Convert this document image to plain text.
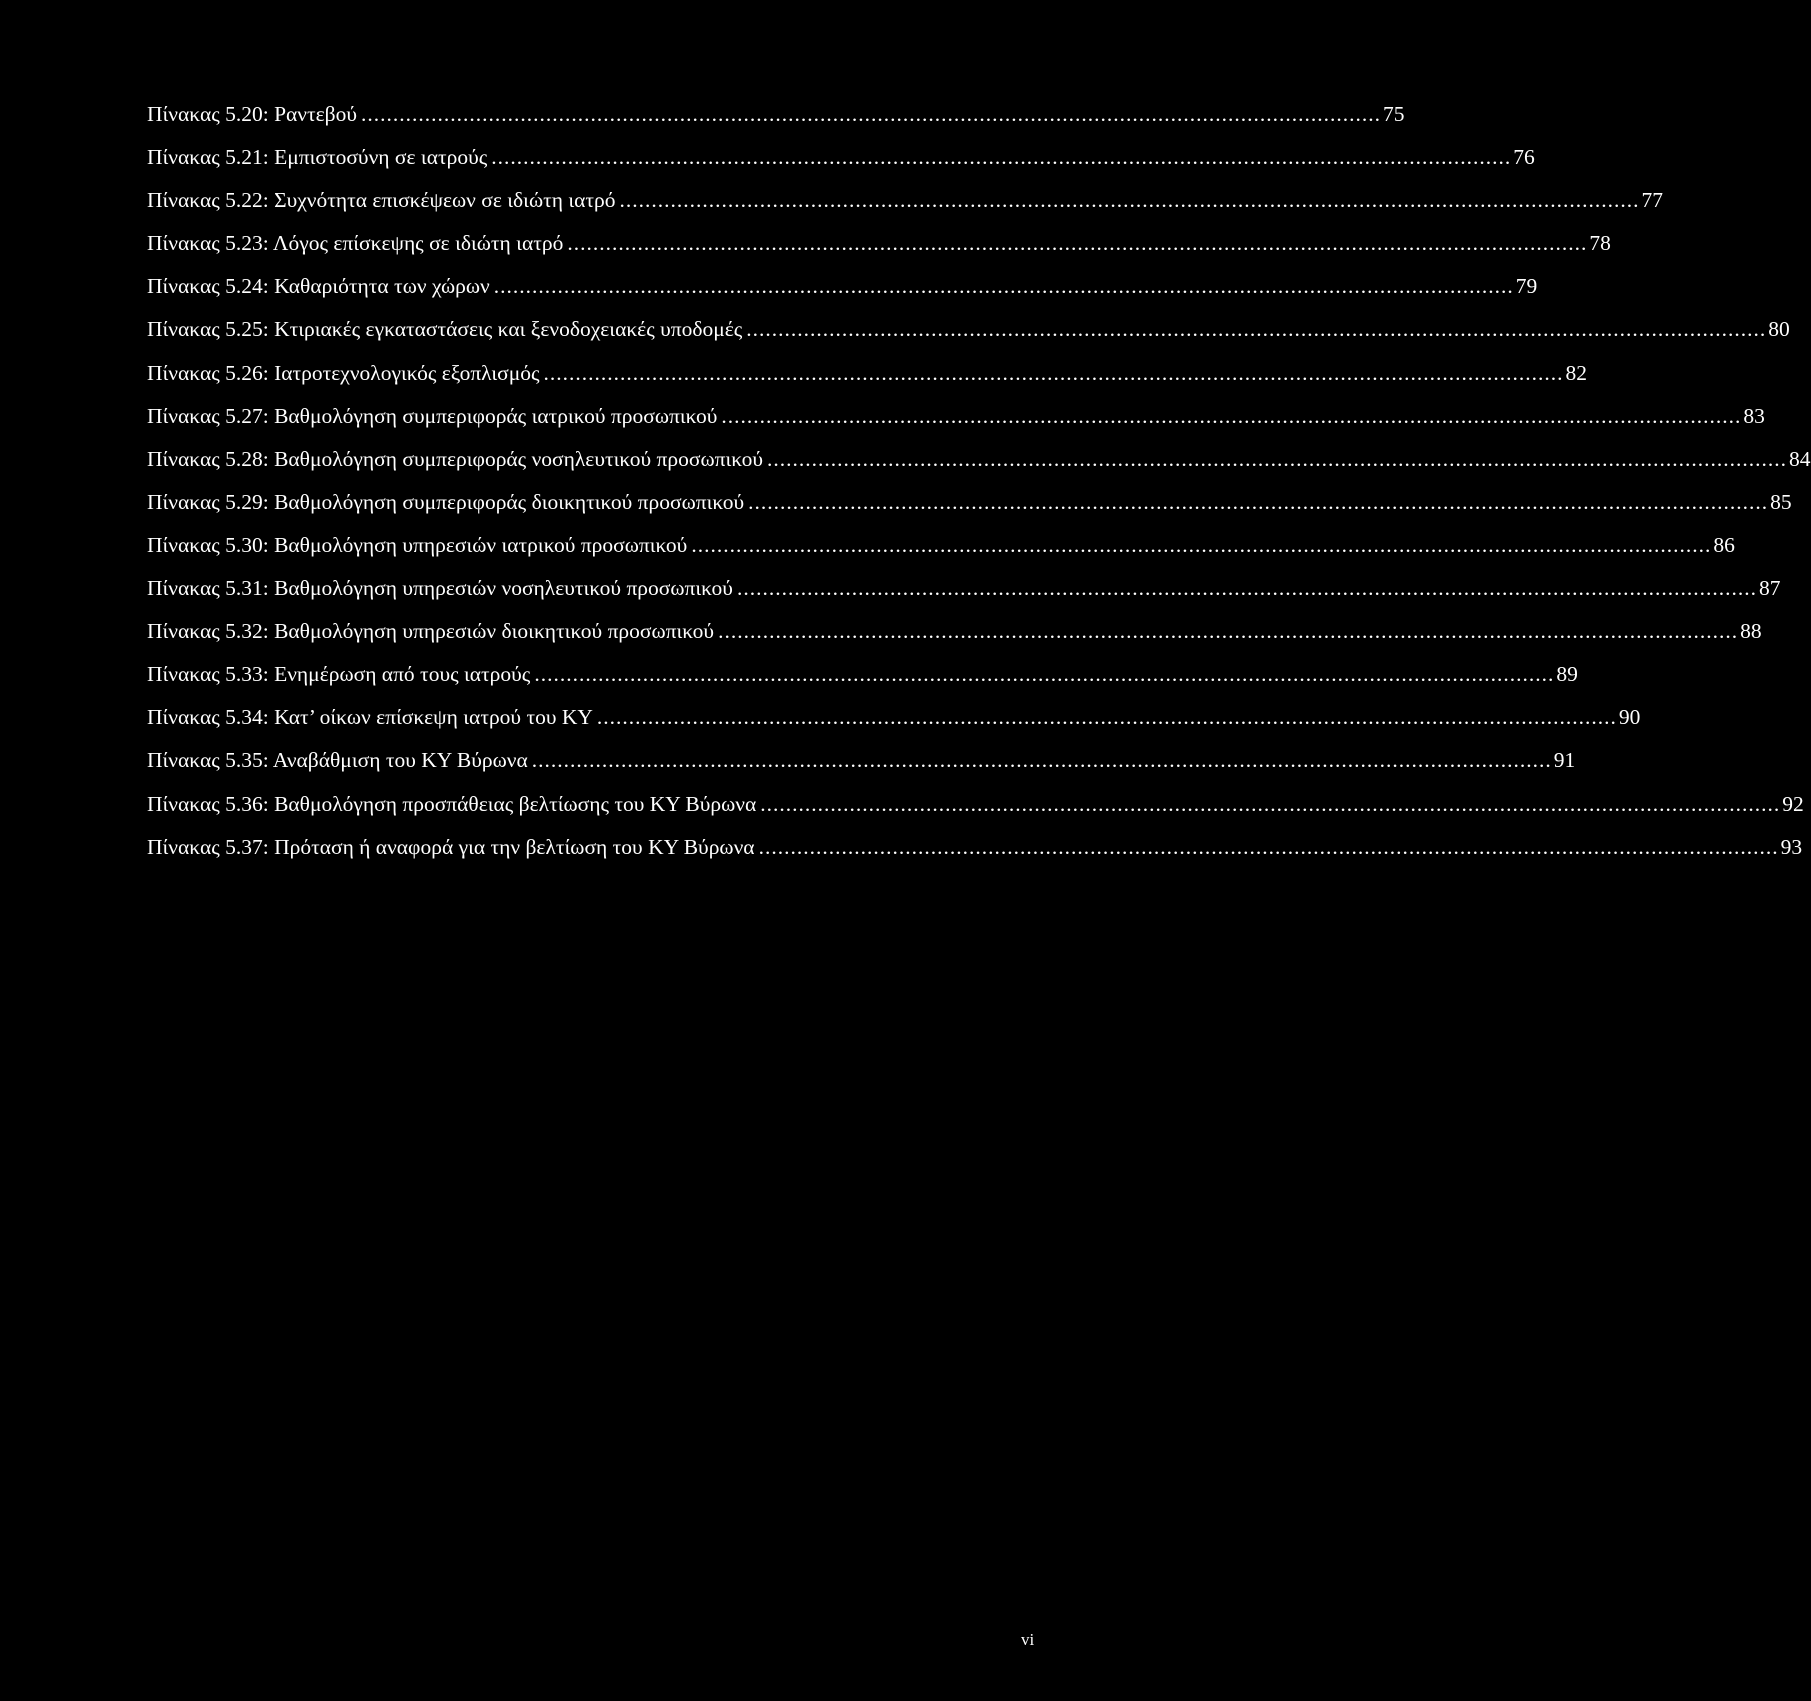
Πίνακας 5.20: Ραντεβού ................................................................................................................................................................ 75
Πίνακας 5.21: Εμπιστοσύνη σε ιατρούς ................................................................................................................................................................ 76
Πίνακας 5.22: Συχνότητα επισκέψεων σε ιδιώτη ιατρό ................................................................................................................................................................ 77
Πίνακας 5.23: Λόγος επίσκεψης σε ιδιώτη ιατρό ................................................................................................................................................................ 78
Πίνακας 5.24: Καθαριότητα των χώρων ................................................................................................................................................................ 79
Πίνακας 5.25: Κτιριακές εγκαταστάσεις και ξενοδοχειακές υποδομές ................................................................................................................................................................ 80
Πίνακας 5.26: Ιατροτεχνολογικός εξοπλισμός ................................................................................................................................................................ 82
Πίνακας 5.27: Βαθμολόγηση συμπεριφοράς ιατρικού προσωπικού ................................................................................................................................................................ 83
Πίνακας 5.28: Βαθμολόγηση συμπεριφοράς νοσηλευτικού προσωπικού ................................................................................................................................................................ 84
Πίνακας 5.29: Βαθμολόγηση συμπεριφοράς διοικητικού προσωπικού ................................................................................................................................................................ 85
Πίνακας 5.30: Βαθμολόγηση υπηρεσιών ιατρικού προσωπικού ................................................................................................................................................................ 86
Πίνακας 5.31: Βαθμολόγηση υπηρεσιών νοσηλευτικού προσωπικού ................................................................................................................................................................ 87
Πίνακας 5.32: Βαθμολόγηση υπηρεσιών διοικητικού προσωπικού ................................................................................................................................................................ 88
Πίνακας 5.33: Ενημέρωση από τους ιατρούς ................................................................................................................................................................ 89
Πίνακας 5.34: Κατ’ οίκων επίσκεψη ιατρού του ΚΥ ................................................................................................................................................................ 90
Πίνακας 5.35: Αναβάθμιση του ΚΥ Βύρωνα ................................................................................................................................................................ 91
Πίνακας 5.36: Βαθμολόγηση προσπάθειας βελτίωσης του ΚΥ Βύρωνα ................................................................................................................................................................ 92
Πίνακας 5.37: Πρόταση ή αναφορά για την βελτίωση του ΚΥ Βύρωνα ................................................................................................................................................................ 93
vi
